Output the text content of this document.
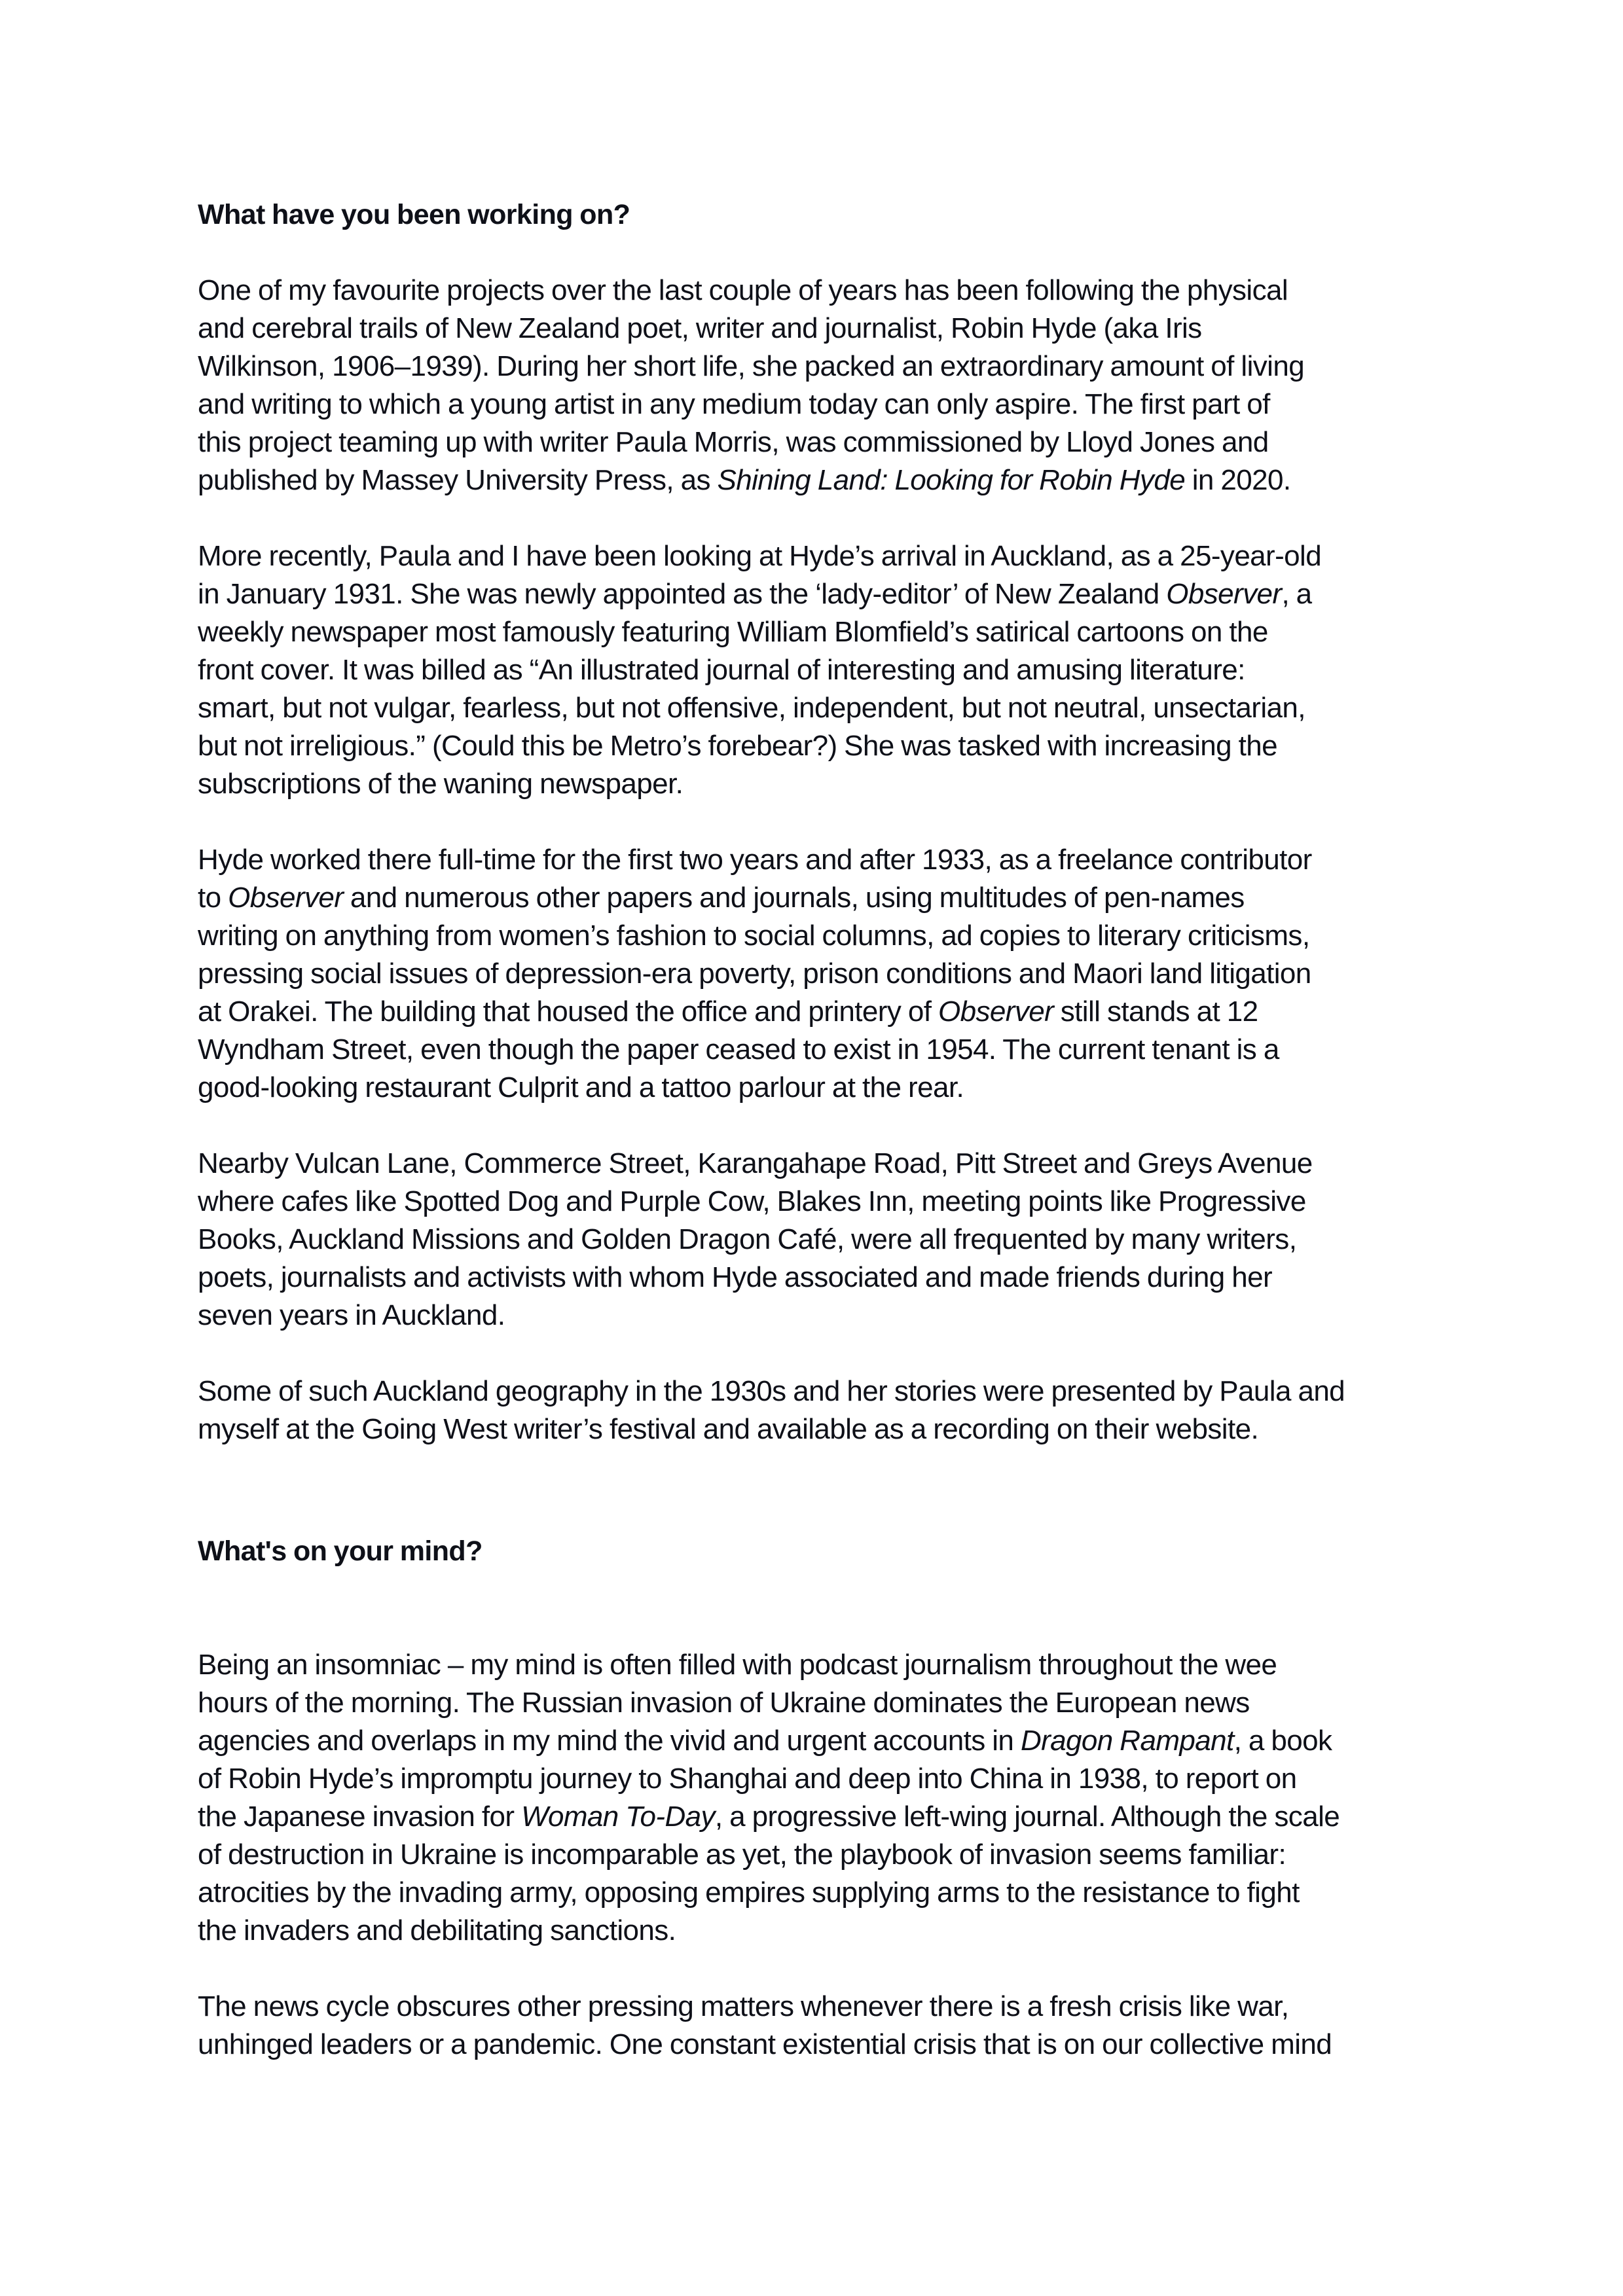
What have you been working on?
One of my favourite projects over the last couple of years has been following the physical
and cerebral trails of New Zealand poet, writer and journalist, Robin Hyde (aka Iris
Wilkinson, 1906–1939). During her short life, she packed an extraordinary amount of living
and writing to which a young artist in any medium today can only aspire. The first part of
this project teaming up with writer Paula Morris, was commissioned by Lloyd Jones and
published by Massey University Press, as Shining Land: Looking for Robin Hyde in 2020.
More recently, Paula and I have been looking at Hyde’s arrival in Auckland, as a 25-year-old
in January 1931. She was newly appointed as the ‘lady-editor’ of New Zealand Observer, a
weekly newspaper most famously featuring William Blomfield’s satirical cartoons on the
front cover. It was billed as “An illustrated journal of interesting and amusing literature:
smart, but not vulgar, fearless, but not offensive, independent, but not neutral, unsectarian,
but not irreligious.” (Could this be Metro’s forebear?) She was tasked with increasing the
subscriptions of the waning newspaper.
Hyde worked there full-time for the first two years and after 1933, as a freelance contributor
to Observer and numerous other papers and journals, using multitudes of pen-names
writing on anything from women’s fashion to social columns, ad copies to literary criticisms,
pressing social issues of depression-era poverty, prison conditions and Maori land litigation
at Orakei. The building that housed the office and printery of Observer still stands at 12
Wyndham Street, even though the paper ceased to exist in 1954. The current tenant is a
good-looking restaurant Culprit and a tattoo parlour at the rear.
Nearby Vulcan Lane, Commerce Street, Karangahape Road, Pitt Street and Greys Avenue
where cafes like Spotted Dog and Purple Cow, Blakes Inn, meeting points like Progressive
Books, Auckland Missions and Golden Dragon Café, were all frequented by many writers,
poets, journalists and activists with whom Hyde associated and made friends during her
seven years in Auckland.
Some of such Auckland geography in the 1930s and her stories were presented by Paula and
myself at the Going West writer’s festival and available as a recording on their website.
What's on your mind?
Being an insomniac – my mind is often filled with podcast journalism throughout the wee
hours of the morning. The Russian invasion of Ukraine dominates the European news
agencies and overlaps in my mind the vivid and urgent accounts in Dragon Rampant, a book
of Robin Hyde’s impromptu journey to Shanghai and deep into China in 1938, to report on
the Japanese invasion for Woman To-Day, a progressive left-wing journal. Although the scale
of destruction in Ukraine is incomparable as yet, the playbook of invasion seems familiar:
atrocities by the invading army, opposing empires supplying arms to the resistance to fight
the invaders and debilitating sanctions.
The news cycle obscures other pressing matters whenever there is a fresh crisis like war,
unhinged leaders or a pandemic. One constant existential crisis that is on our collective mind
